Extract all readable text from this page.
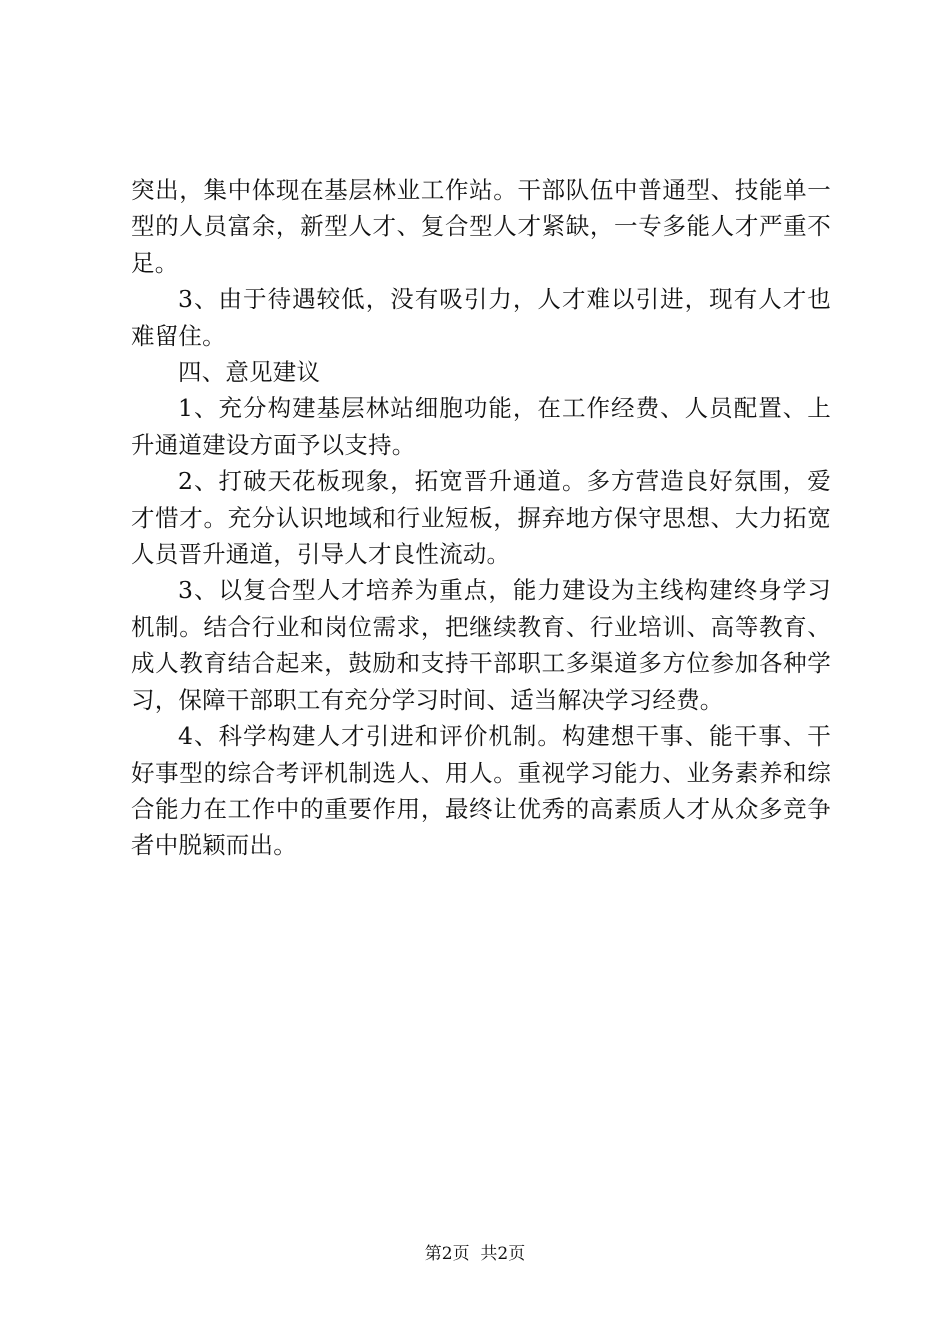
突出，集中体现在基层林业工作站。干部队伍中普通型、技能单一型的人员富余，新型人才、复合型人才紧缺，一专多能人才严重不足。

3、由于待遇较低，没有吸引力，人才难以引进，现有人才也难留住。

四、意见建议

1、充分构建基层林站细胞功能，在工作经费、人员配置、上升通道建设方面予以支持。

2、打破天花板现象，拓宽晋升通道。多方营造良好氛围，爱才惜才。充分认识地域和行业短板，摒弃地方保守思想、大力拓宽人员晋升通道，引导人才良性流动。

3、以复合型人才培养为重点，能力建设为主线构建终身学习机制。结合行业和岗位需求，把继续教育、行业培训、高等教育、成人教育结合起来，鼓励和支持干部职工多渠道多方位参加各种学习，保障干部职工有充分学习时间、适当解决学习经费。

4、科学构建人才引进和评价机制。构建想干事、能干事、干好事型的综合考评机制选人、用人。重视学习能力、业务素养和综合能力在工作中的重要作用，最终让优秀的高素质人才从众多竞争者中脱颖而出。

第2页  共2页
